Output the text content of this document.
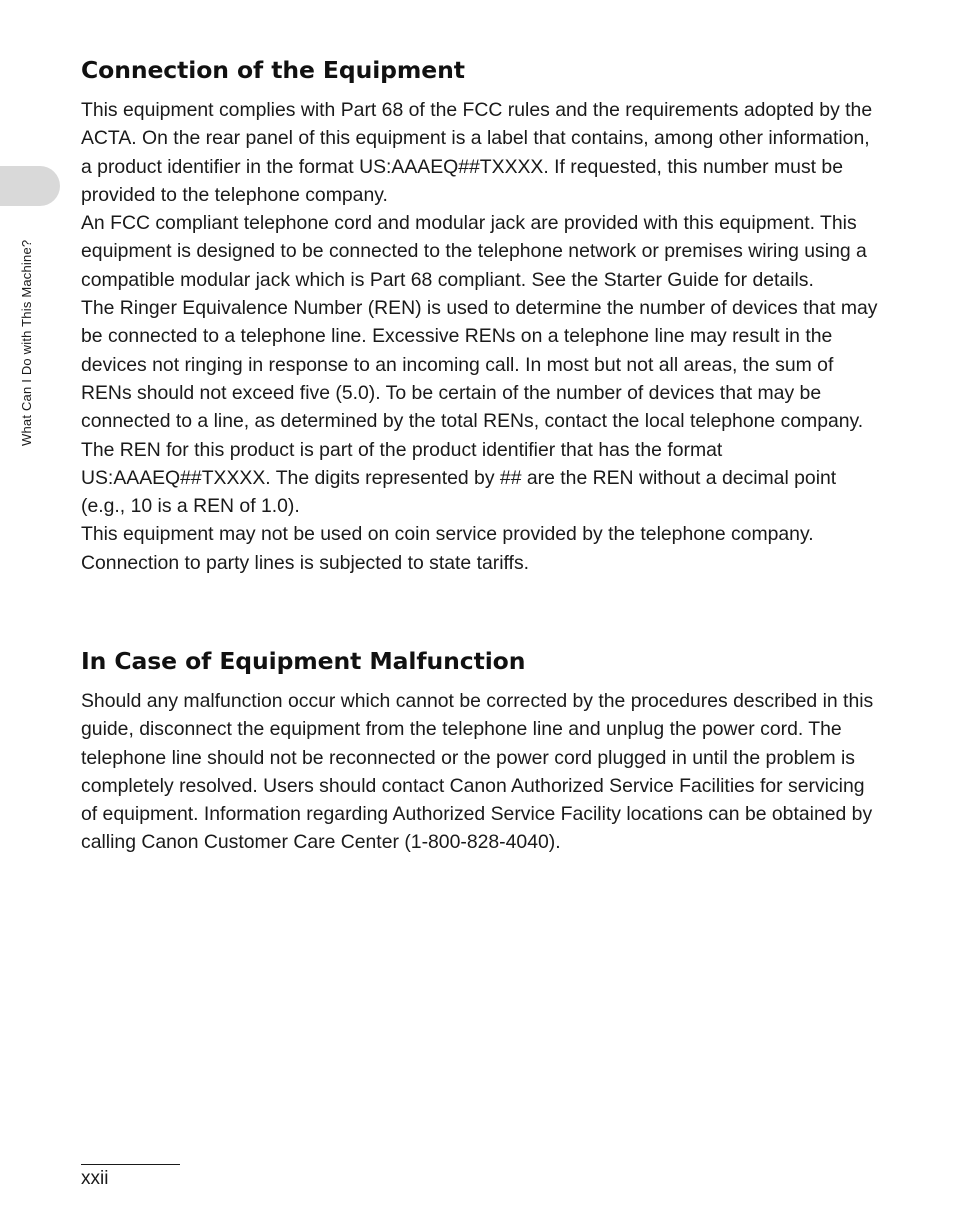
What Can I Do with This Machine?
Connection of the Equipment

This equipment complies with Part 68 of the FCC rules and the requirements adopted by the ACTA. On the rear panel of this equipment is a label that contains, among other information, a product identifier in the format US:AAAEQ##TXXXX. If requested, this number must be provided to the telephone company.

An FCC compliant telephone cord and modular jack are provided with this equipment. This equipment is designed to be connected to the telephone network or premises wiring using a compatible modular jack which is Part 68 compliant. See the Starter Guide for details.

The Ringer Equivalence Number (REN) is used to determine the number of devices that may be connected to a telephone line. Excessive RENs on a telephone line may result in the devices not ringing in response to an incoming call. In most but not all areas, the sum of RENs should not exceed five (5.0). To be certain of the number of devices that may be connected to a line, as determined by the total RENs, contact the local telephone company. The REN for this product is part of the product identifier that has the format US:AAAEQ##TXXXX. The digits represented by ## are the REN without a decimal point (e.g., 10 is a REN of 1.0).

This equipment may not be used on coin service provided by the telephone company. Connection to party lines is subjected to state tariffs.

In Case of Equipment Malfunction

Should any malfunction occur which cannot be corrected by the procedures described in this guide, disconnect the equipment from the telephone line and unplug the power cord. The telephone line should not be reconnected or the power cord plugged in until the problem is completely resolved. Users should contact Canon Authorized Service Facilities for servicing of equipment. Information regarding Authorized Service Facility locations can be obtained by calling Canon Customer Care Center (1-800-828-4040).

xxii
